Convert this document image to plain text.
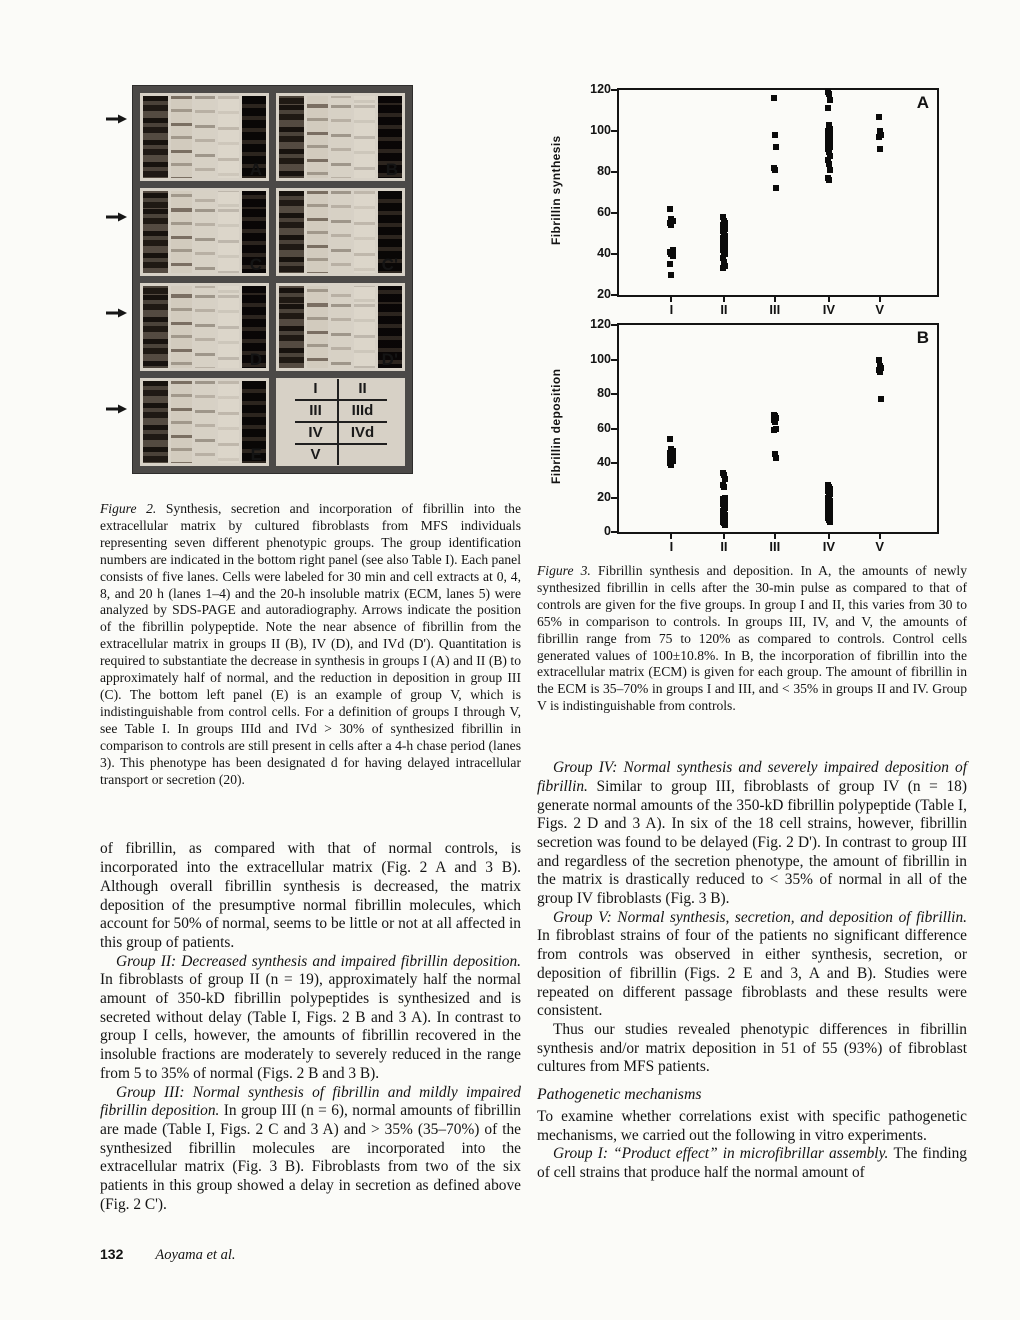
A	B
C	C'
D	D'
E
I	II
III	IIId
IV	IVd
V

Figure 2. Synthesis, secretion and incorporation of fibrillin into the extracellular matrix by cultured fibroblasts from MFS individuals representing seven different phenotypic groups. The group identification numbers are indicated in the bottom right panel (see also Table I). Each panel consists of five lanes. Cells were labeled for 30 min and cell extracts at 0, 4, 8, and 20 h (lanes 1–4) and the 20-h insoluble matrix (ECM, lanes 5) were analyzed by SDS-PAGE and autoradiography. Arrows indicate the position of the fibrillin polypeptide. Note the near absence of fibrillin from the extracellular matrix in groups II (B), IV (D), and IVd (D'). Quantitation is required to substantiate the decrease in synthesis in groups I (A) and II (B) to approximately half of normal, and the reduction in deposition in group III (C). The bottom left panel (E) is an example of group V, which is indistinguishable from control cells. For a definition of groups I through V, see Table I. In groups IIId and IVd > 30% of synthesized fibrillin in comparison to controls are still present in cells after a 4-h chase period (lanes 3). This phenotype has been designated d for having delayed intracellular transport or secretion (20).

of fibrillin, as compared with that of normal controls, is incorporated into the extracellular matrix (Fig. 2 A and 3 B). Although overall fibrillin synthesis is decreased, the matrix deposition of the presumptive normal fibrillin molecules, which account for 50% of normal, seems to be little or not at all affected in this group of patients.

Group II: Decreased synthesis and impaired fibrillin deposition. In fibroblasts of group II (n = 19), approximately half the normal amount of 350-kD fibrillin polypeptides is synthesized and is secreted without delay (Table I, Figs. 2 B and 3 A). In contrast to group I cells, however, the amounts of fibrillin recovered in the insoluble fractions are moderately to severely reduced in the range from 5 to 35% of normal (Figs. 2 B and 3 B).

Group III: Normal synthesis of fibrillin and mildly impaired fibrillin deposition. In group III (n = 6), normal amounts of fibrillin are made (Table I, Figs. 2 C and 3 A) and > 35% (35–70%) of the synthesized fibrillin molecules are incorporated into the extracellular matrix (Fig. 3 B). Fibroblasts from two of the six patients in this group showed a delay in secretion as defined above (Fig. 2 C').

132 Aoyama et al.
Fibrillin synthesis
A
20
40
60
80
100
120
I	II	III	IV	V
Fibrillin deposition
B
0
20
40
60
80
100
120
I	II	III	IV	V

Figure 3. Fibrillin synthesis and deposition. In A, the amounts of newly synthesized fibrillin in cells after the 30-min pulse as compared to that of controls are given for the five groups. In group I and II, this varies from 30 to 65% in comparison to controls. In groups III, IV, and V, the amounts of fibrillin range from 75 to 120% as compared to controls. Control cells generated values of 100±10.8%. In B, the incorporation of fibrillin into the extracellular matrix (ECM) is given for each group. The amount of fibrillin in the ECM is 35–70% in groups I and III, and < 35% in groups II and IV. Group V is indistinguishable from controls.

Group IV: Normal synthesis and severely impaired deposition of fibrillin. Similar to group III, fibroblasts of group IV (n = 18) generate normal amounts of the 350-kD fibrillin polypeptide (Table I, Figs. 2 D and 3 A). In six of the 18 cell strains, however, fibrillin secretion was found to be delayed (Fig. 2 D'). In contrast to group III and regardless of the secretion phenotype, the amount of fibrillin in the matrix is drastically reduced to < 35% of normal in all of the group IV fibroblasts (Fig. 3 B).

Group V: Normal synthesis, secretion, and deposition of fibrillin. In fibroblast strains of four of the patients no significant difference from controls was observed in either synthesis, secretion, or deposition of fibrillin (Figs. 2 E and 3, A and B). Studies were repeated on different passage fibroblasts and these results were consistent.

Thus our studies revealed phenotypic differences in fibrillin synthesis and/or matrix deposition in 51 of 55 (93%) of fibroblast cultures from MFS patients.

Pathogenetic mechanisms

To examine whether correlations exist with specific pathogenetic mechanisms, we carried out the following in vitro experiments.

Group I: “Product effect” in microfibrillar assembly. The finding of cell strains that produce half the normal amount of
